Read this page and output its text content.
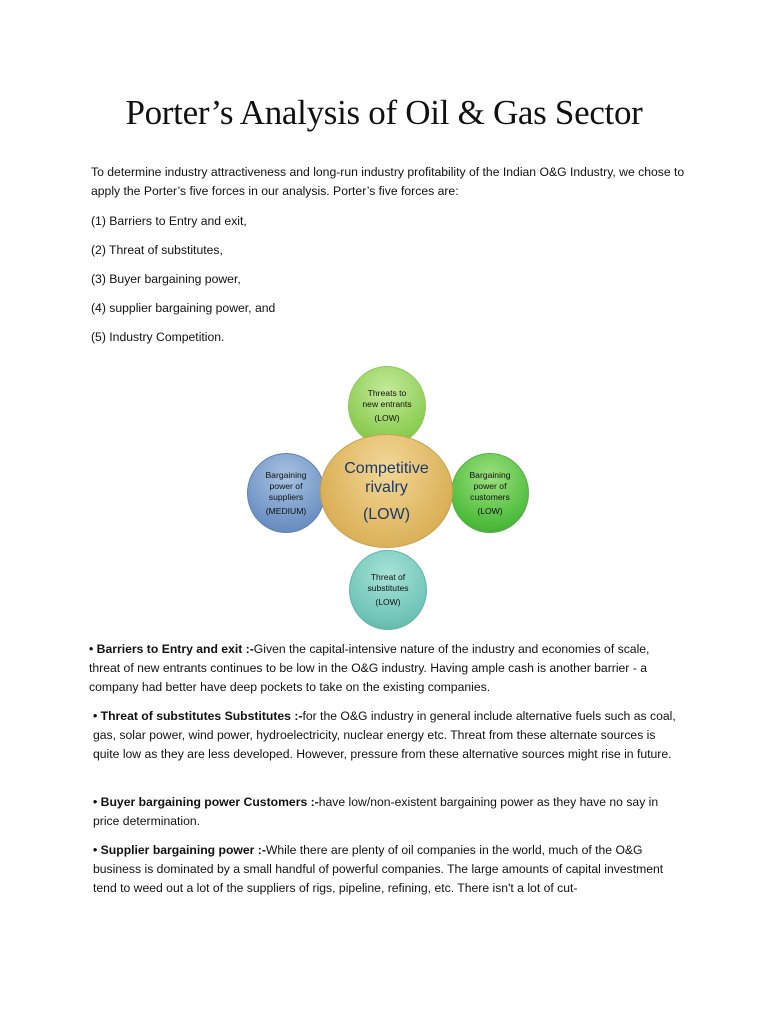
Porter’s Analysis of Oil & Gas Sector
To determine industry attractiveness and long-run industry profitability of the Indian O&G Industry, we chose to apply the Porter’s five forces in our analysis. Porter’s five forces are:
(1) Barriers to Entry and exit,
(2) Threat of substitutes,
(3) Buyer bargaining power,
(4) supplier bargaining power, and
(5) Industry Competition.
Threats to new entrants
(LOW)
Bargaining power of suppliers
(MEDIUM)
Bargaining power of customers
(LOW)
Competitive rivalry
(LOW)
Threat of substitutes
(LOW)
• Barriers to Entry and exit :-Given the capital-intensive nature of the industry and economies of scale, threat of new entrants continues to be low in the O&G industry. Having ample cash is another barrier - a company had better have deep pockets to take on the existing companies.
• Threat of substitutes Substitutes :-for the O&G industry in general include alternative fuels such as coal, gas, solar power, wind power, hydroelectricity, nuclear energy etc. Threat from these alternate sources is quite low as they are less developed. However, pressure from these alternative sources might rise in future.
• Buyer bargaining power Customers :-have low/non-existent bargaining power as they have no say in price determination.
• Supplier bargaining power :-While there are plenty of oil companies in the world, much of the O&G business is dominated by a small handful of powerful companies. The large amounts of capital investment tend to weed out a lot of the suppliers of rigs, pipeline, refining, etc. There isn't a lot of cut-
